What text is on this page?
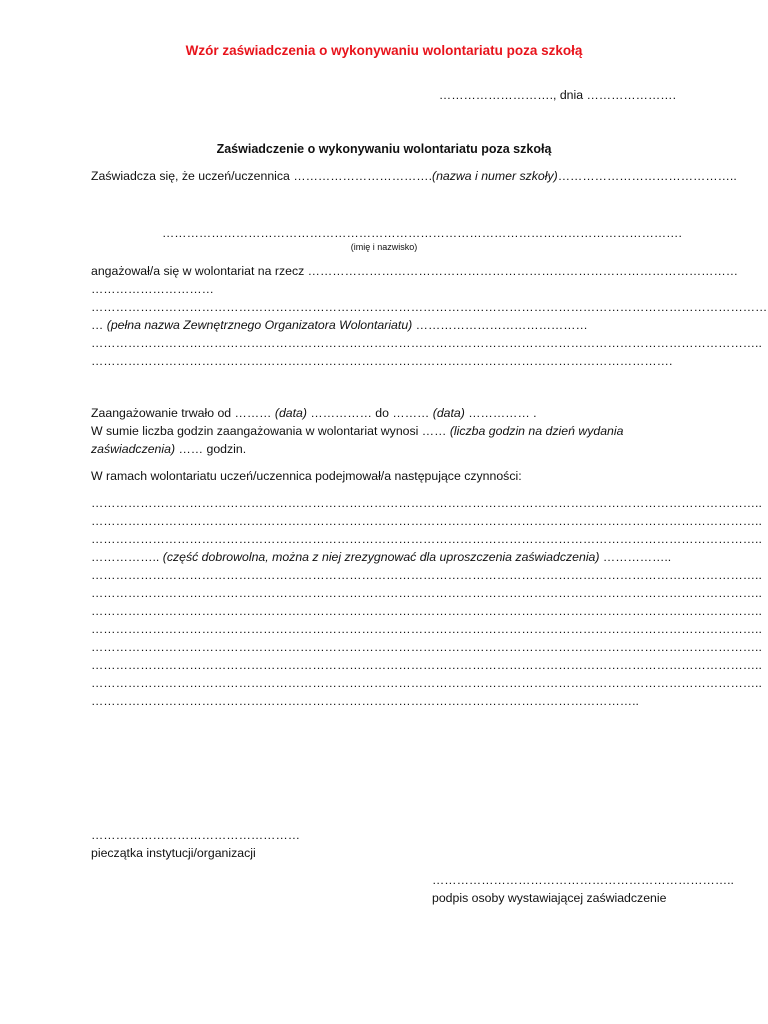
Wzór zaświadczenia o wykonywaniu wolontariatu poza szkołą
………………………., dnia ………………….
Zaświadczenie o wykonywaniu wolontariatu poza szkołą
Zaświadcza się, że uczeń/uczennica …………………………….(nazwa i numer szkoły)……………………………………..
……………………………………………………………………………………………………………….
(imię i nazwisko)
angażował/a się w wolontariat na rzecz ……………………………………………………………………………………………
…………………………
…………………………………………………………………………………………………………………………………………………
… (pełna nazwa Zewnętrznego Organizatora Wolontariatu) ……………………………………
………………………………………………………………………………………………………………………………………………..
…………………………………………………………………………………………………………………………….
Zaangażowanie trwało od ……… (data) …………… do ……… (data) …………… .
W sumie liczba godzin zaangażowania w wolontariat wynosi …… (liczba godzin na dzień wydania
zaświadczenia) …… godzin.
W ramach wolontariatu uczeń/uczennica podejmował/a następujące czynności:
………………………………………………………………………………………………………………………………………………..
………………………………………………………………………………………………………………………………………………..
………………………………………………………………………………………………………………………………………………..
…………….. (część dobrowolna, można z niej zrezygnować dla uproszczenia zaświadczenia) ……………..
………………………………………………………………………………………………………………………………………………..
………………………………………………………………………………………………………………………………………………..
………………………………………………………………………………………………………………………………………………..
………………………………………………………………………………………………………………………………………………..
………………………………………………………………………………………………………………………………………………..
………………………………………………………………………………………………………………………………………………..
………………………………………………………………………………………………………………………………………………..
……………………………………………………………………………………………………………………..
……………………………………………
pieczątka instytucji/organizacji
………………………………………………………………..
podpis osoby wystawiającej zaświadczenie
